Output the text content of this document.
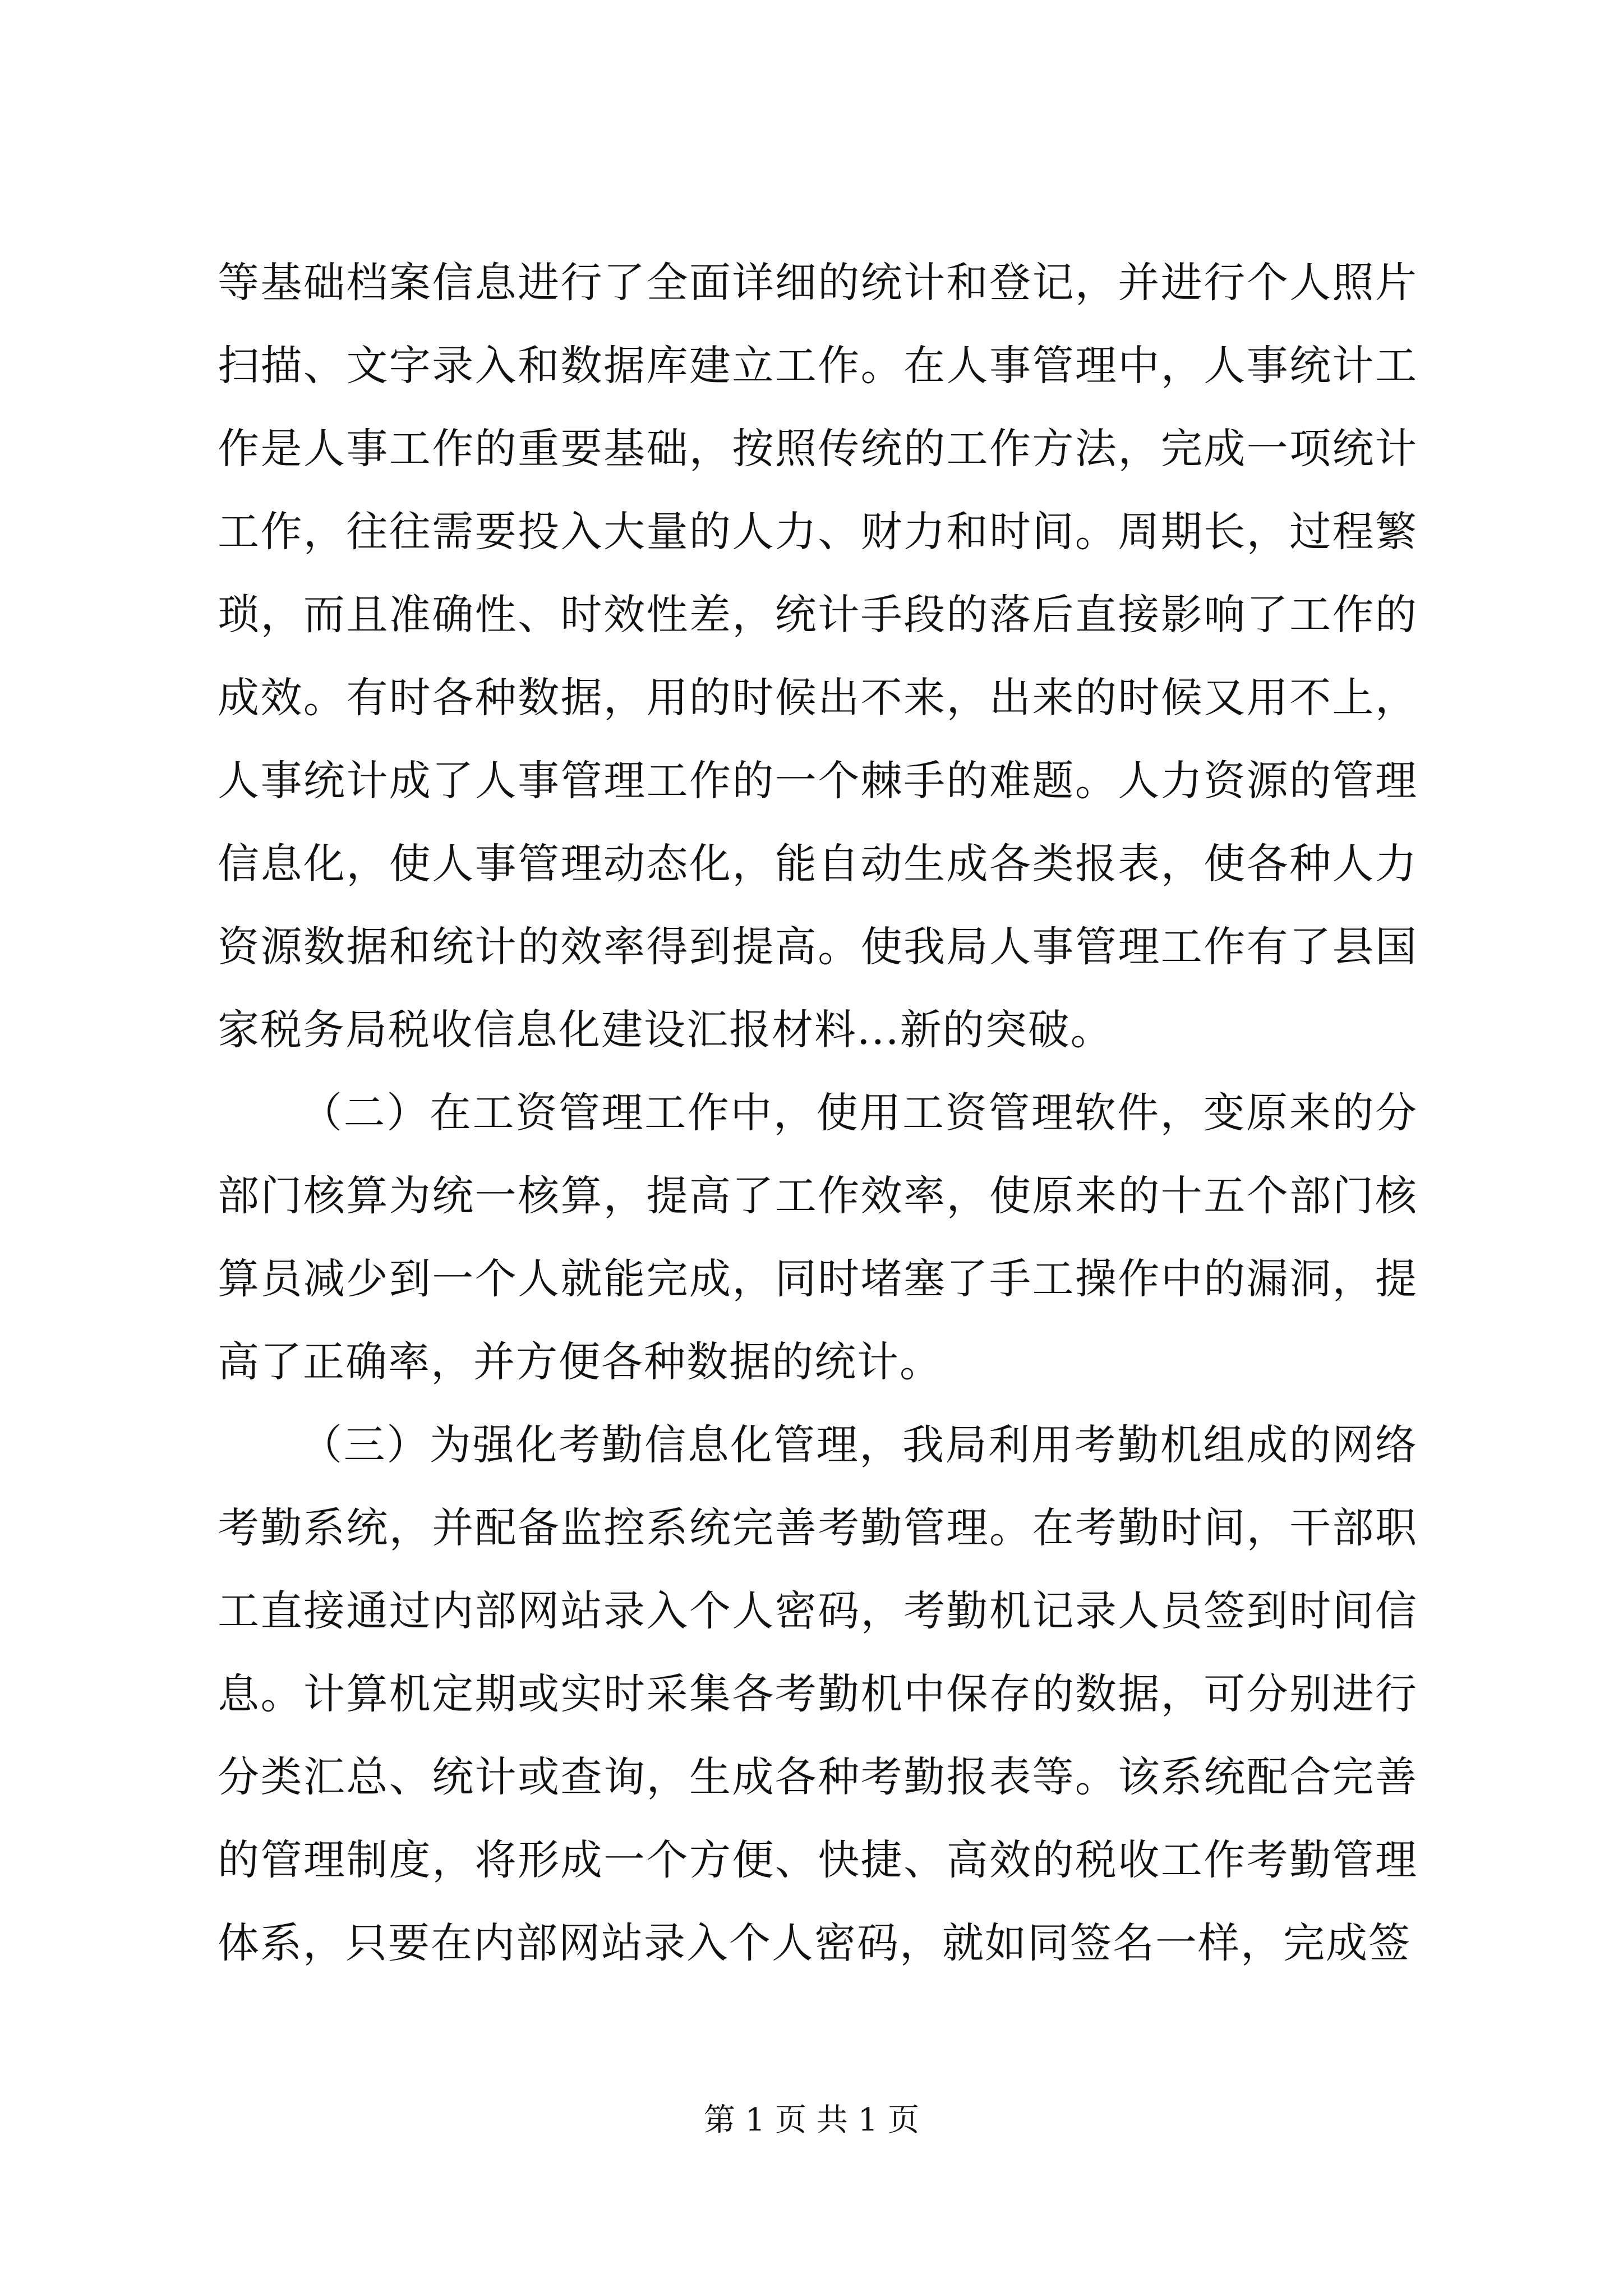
等基础档案信息进行了全面详细的统计和登记，并进行个人照片扫描、文字录入和数据库建立工作。在人事管理中，人事统计工作是人事工作的重要基础，按照传统的工作方法，完成一项统计工作，往往需要投入大量的人力、财力和时间。周期长，过程繁琐，而且准确性、时效性差，统计手段的落后直接影响了工作的成效。有时各种数据，用的时候出不来，出来的时候又用不上，人事统计成了人事管理工作的一个棘手的难题。人力资源的管理信息化，使人事管理动态化，能自动生成各类报表，使各种人力资源数据和统计的效率得到提高。使我局人事管理工作有了县国家税务局税收信息化建设汇报材料...新的突破。

（二）在工资管理工作中，使用工资管理软件，变原来的分部门核算为统一核算，提高了工作效率，使原来的十五个部门核算员减少到一个人就能完成，同时堵塞了手工操作中的漏洞，提高了正确率，并方便各种数据的统计。

（三）为强化考勤信息化管理，我局利用考勤机组成的网络考勤系统，并配备监控系统完善考勤管理。在考勤时间，干部职工直接通过内部网站录入个人密码，考勤机记录人员签到时间信息。计算机定期或实时采集各考勤机中保存的数据，可分别进行分类汇总、统计或查询，生成各种考勤报表等。该系统配合完善的管理制度，将形成一个方便、快捷、高效的税收工作考勤管理体系，只要在内部网站录入个人密码，就如同签名一样，完成签

第 1 页 共 1 页
